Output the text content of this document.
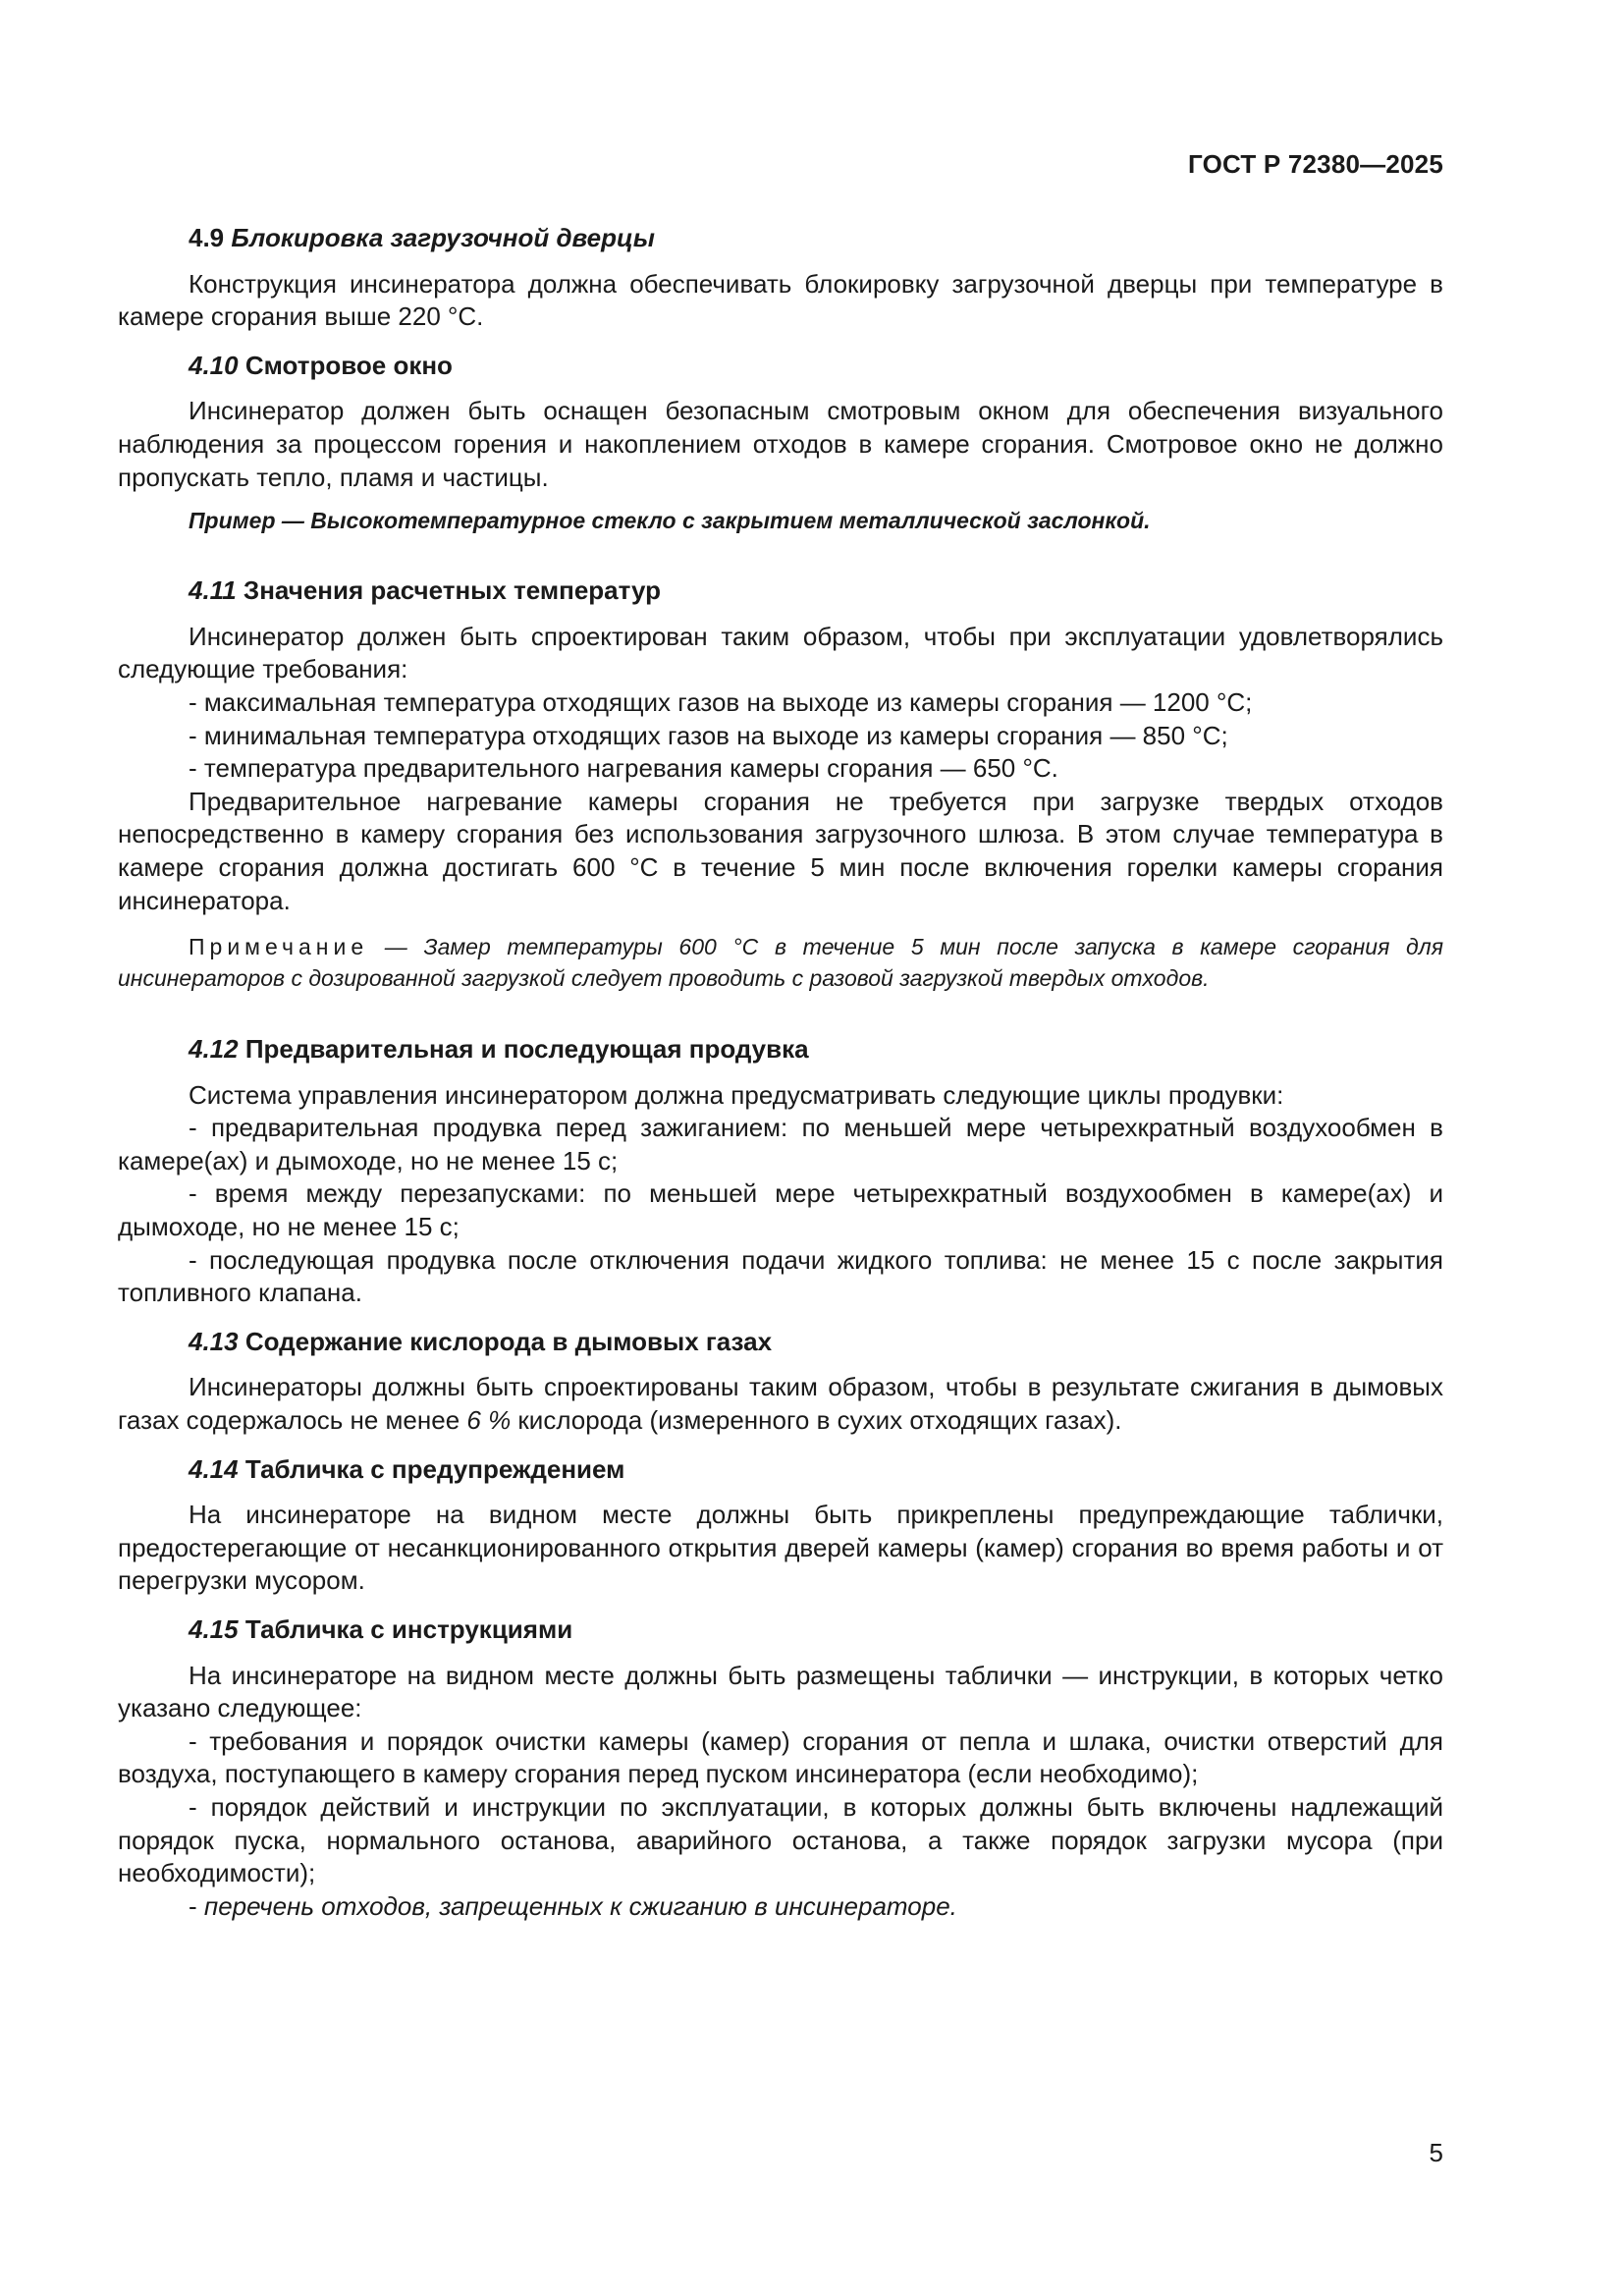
ГОСТ Р 72380—2025

4.9 Блокировка загрузочной дверцы

Конструкция инсинератора должна обеспечивать блокировку загрузочной дверцы при температуре в камере сгорания выше 220 °С.

4.10 Смотровое окно

Инсинератор должен быть оснащен безопасным смотровым окном для обеспечения визуального наблюдения за процессом горения и накоплением отходов в камере сгорания. Смотровое окно не должно пропускать тепло, пламя и частицы.

Пример — Высокотемпературное стекло с закрытием металлической заслонкой.

4.11 Значения расчетных температур

Инсинератор должен быть спроектирован таким образом, чтобы при эксплуатации удовлетворялись следующие требования:

- максимальная температура отходящих газов на выходе из камеры сгорания — 1200 °С;

- минимальная температура отходящих газов на выходе из камеры сгорания — 850 °С;

- температура предварительного нагревания камеры сгорания — 650 °С.

Предварительное нагревание камеры сгорания не требуется при загрузке твердых отходов непосредственно в камеру сгорания без использования загрузочного шлюза. В этом случае температура в камере сгорания должна достигать 600 °С в течение 5 мин после включения горелки камеры сгорания инсинератора.

Примечание — Замер температуры 600 °С в течение 5 мин после запуска в камере сгорания для инсинераторов с дозированной загрузкой следует проводить с разовой загрузкой твердых отходов.

4.12 Предварительная и последующая продувка

Система управления инсинератором должна предусматривать следующие циклы продувки:

- предварительная продувка перед зажиганием: по меньшей мере четырехкратный воздухообмен в камере(ах) и дымоходе, но не менее 15 с;

- время между перезапусками: по меньшей мере четырехкратный воздухообмен в камере(ах) и дымоходе, но не менее 15 с;

- последующая продувка после отключения подачи жидкого топлива: не менее 15 с после закрытия топливного клапана.

4.13 Содержание кислорода в дымовых газах

Инсинераторы должны быть спроектированы таким образом, чтобы в результате сжигания в дымовых газах содержалось не менее 6 % кислорода (измеренного в сухих отходящих газах).

4.14 Табличка с предупреждением

На инсинераторе на видном месте должны быть прикреплены предупреждающие таблички, предостерегающие от несанкционированного открытия дверей камеры (камер) сгорания во время работы и от перегрузки мусором.

4.15 Табличка с инструкциями

На инсинераторе на видном месте должны быть размещены таблички — инструкции, в которых четко указано следующее:

- требования и порядок очистки камеры (камер) сгорания от пепла и шлака, очистки отверстий для воздуха, поступающего в камеру сгорания перед пуском инсинератора (если необходимо);

- порядок действий и инструкции по эксплуатации, в которых должны быть включены надлежащий порядок пуска, нормального останова, аварийного останова, а также порядок загрузки мусора (при необходимости);

- перечень отходов, запрещенных к сжиганию в инсинераторе.

5
